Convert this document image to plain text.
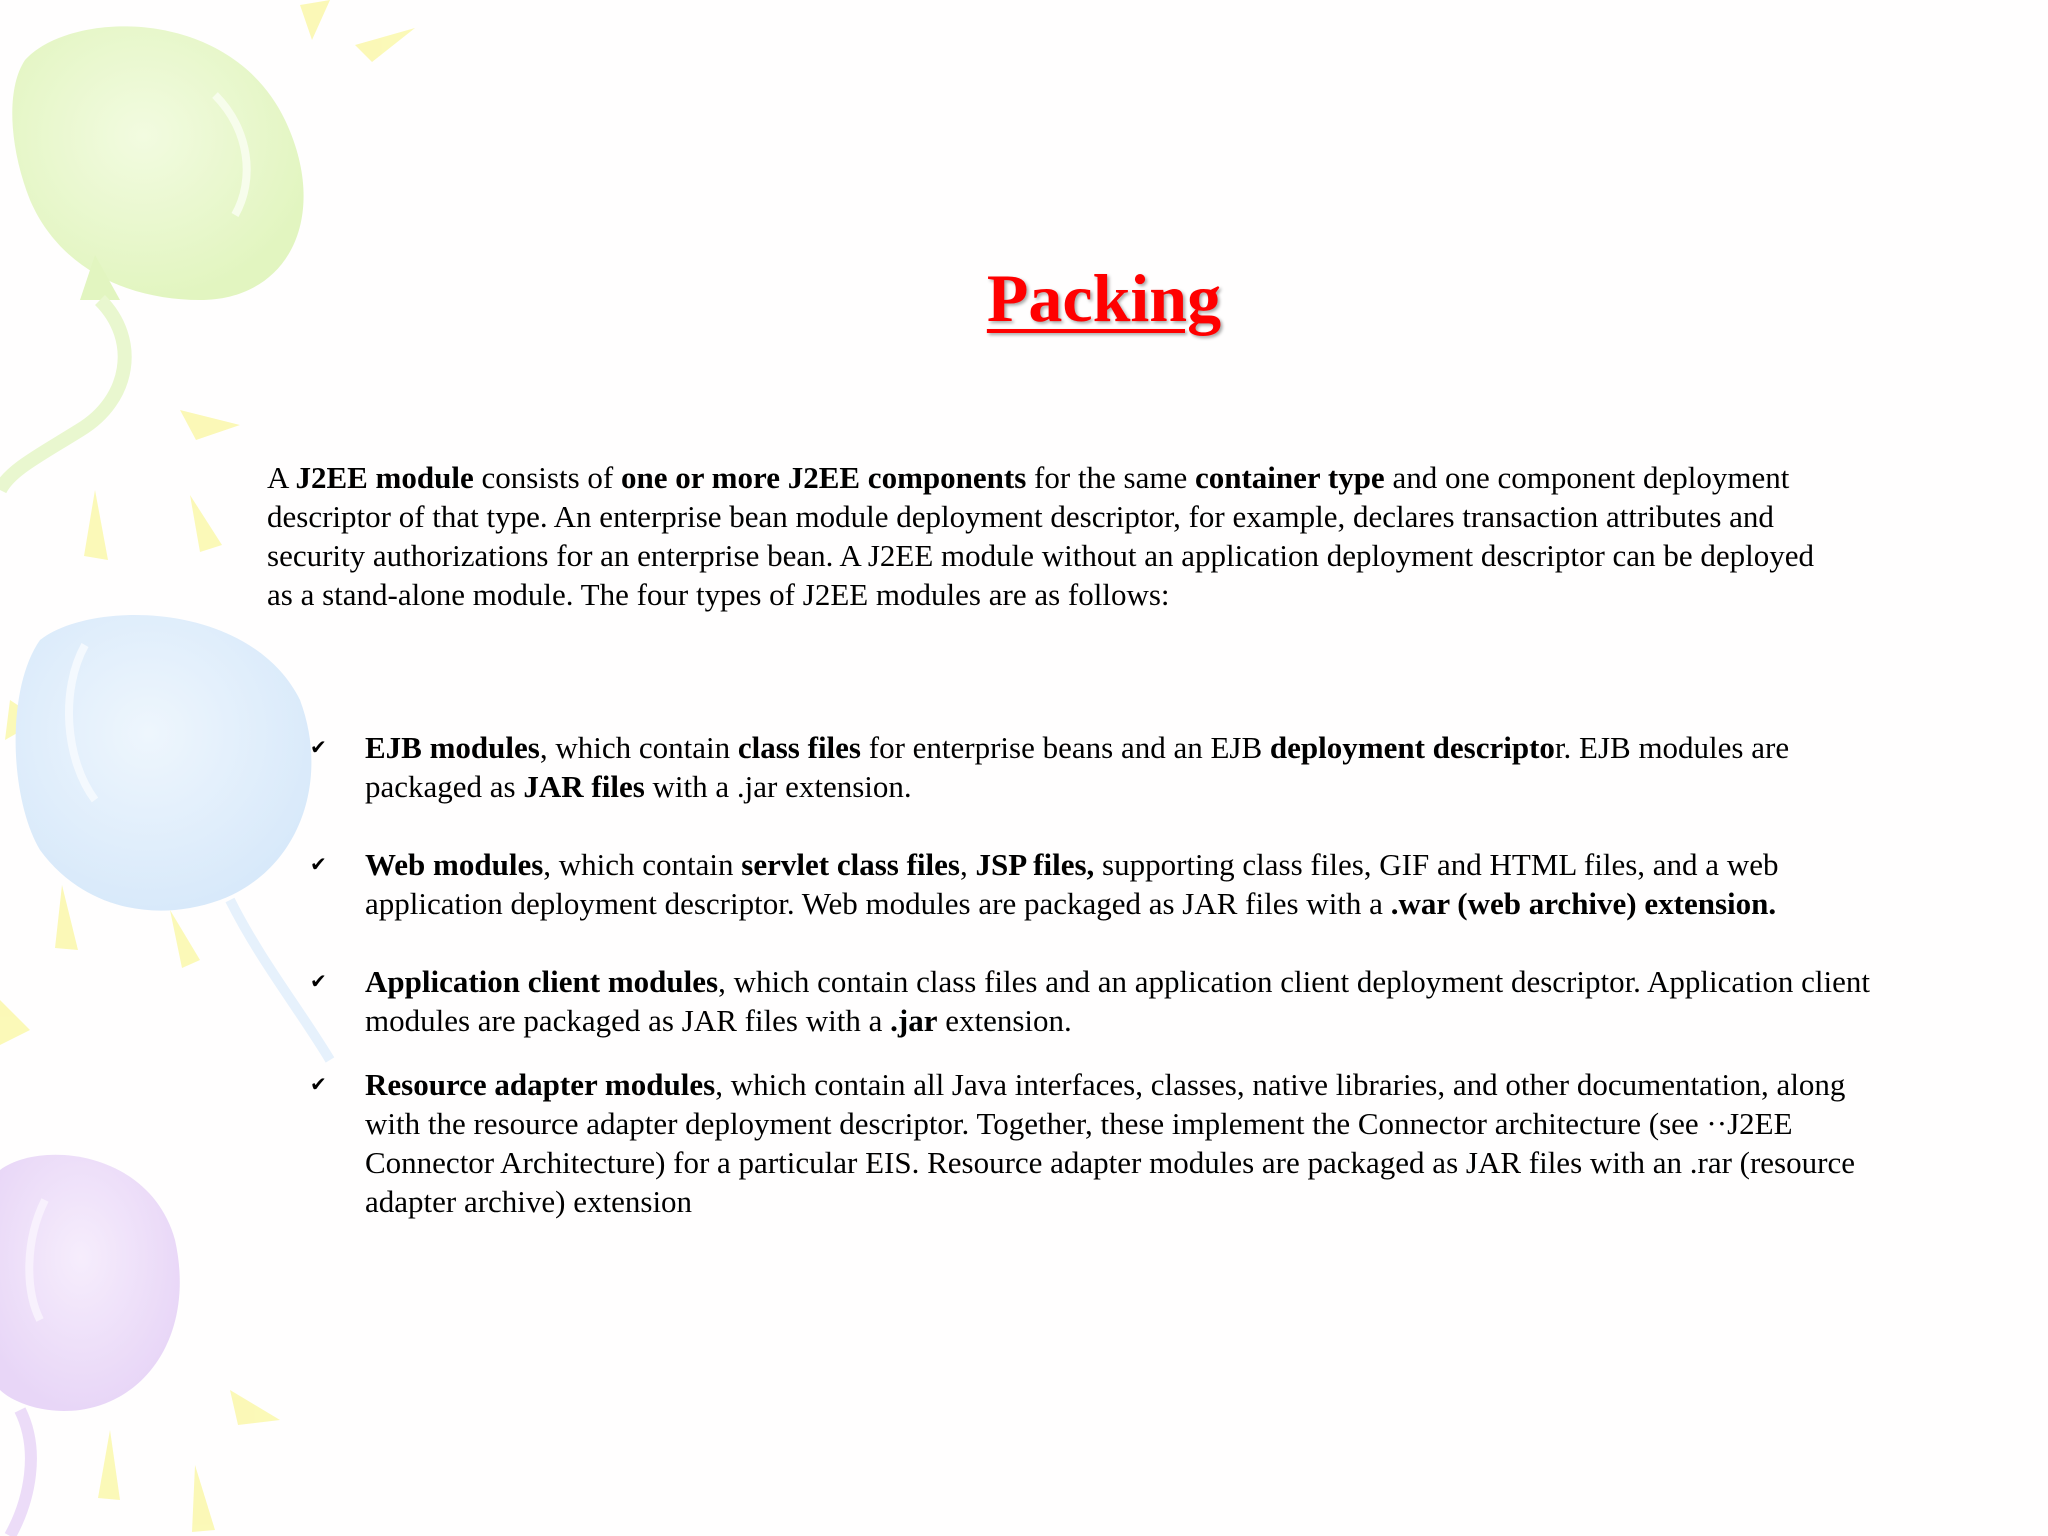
Packing

A J2EE module consists of one or more J2EE components for the same container type and one component deployment descriptor of that type. An enterprise bean module deployment descriptor, for example, declares transaction attributes and security authorizations for an enterprise bean. A J2EE module without an application deployment descriptor can be deployed as a stand-alone module. The four types of J2EE modules are as follows:

✔	EJB modules, which contain class files for enterprise beans and an EJB deployment descriptor. EJB modules are packaged as JAR files with a .jar extension.
✔	Web modules, which contain servlet class files, JSP files, supporting class files, GIF and HTML files, and a web application deployment descriptor. Web modules are packaged as JAR files with a .war (web archive) extension.
✔	Application client modules, which contain class files and an application client deployment descriptor. Application client modules are packaged as JAR files with a .jar extension.
✔	Resource adapter modules, which contain all Java interfaces, classes, native libraries, and other documentation, along with the resource adapter deployment descriptor. Together, these implement the Connector architecture (see ··J2EE Connector Architecture) for a particular EIS. Resource adapter modules are packaged as JAR files with an .rar (resource adapter archive) extension
